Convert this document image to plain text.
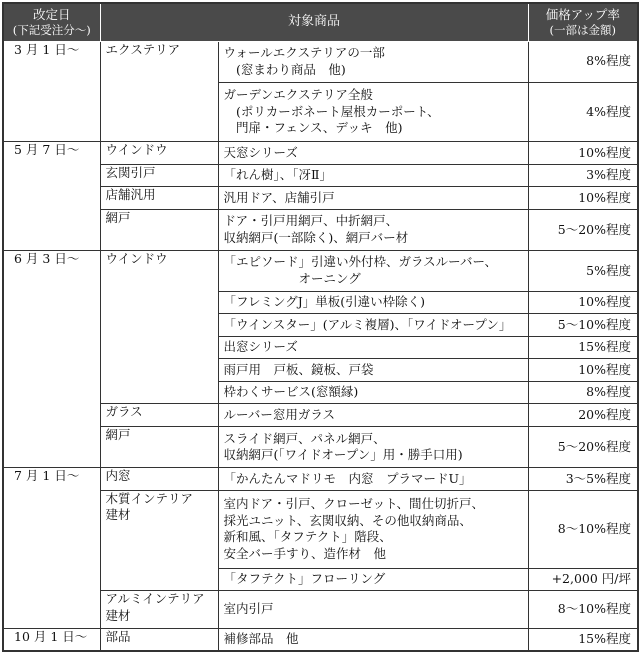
改定日
(下記受注分～)	対象商品		価格アップ率
(一部は金額)

3 月 1 日～	エクステリア	ウォールエクステリアの一部
　(窓まわり商品　他)	8%程度

		ガーデンエクステリア全般
　(ポリカーボネート屋根カーポート、
　門扉・フェンス、デッキ　他)	4%程度
5 月 7 日～	ウインドウ	天窓シリーズ	10%程度

	玄関引戸	「れん樹」、「冴Ⅱ」	3%程度

	店舗汎用	汎用ドア、店舗引戸	10%程度

	網戸	ドア・引戸用網戸、中折網戸、
収納網戸(一部除く)、網戸バー材	5～20%程度
6 月 3 日～	ウインドウ	「エピソード」引違い外付枠、ガラスルーバー、
　　　　　　オーニング	5%程度

		「フレミングJ」単板(引違い枠除く)	10%程度

		「ウインスター」(アルミ複層)、「ワイドオープン」	5～10%程度

		出窓シリーズ	15%程度

		雨戸用　戸板、鏡板、戸袋	10%程度

		枠わくサービス(窓額縁)	8%程度

	ガラス	ルーバー窓用ガラス	20%程度

	網戸	スライド網戸、パネル網戸、
収納網戸(「ワイドオープン」用・勝手口用)	5～20%程度
7 月 1 日～	内窓	「かんたんマドリモ　内窓　プラマードU」	3～5%程度

	木質インテリア
建材	室内ドア・引戸、クローゼット、間仕切折戸、
採光ユニット、玄関収納、その他収納商品、
新和風、「タフテクト」階段、
安全バー手すり、造作材　他	8～10%程度

		「タフテクト」フローリング	+2,000 円/坪

	アルミインテリア
建材	室内引戸	8～10%程度
10 月 1 日～	部品	補修部品　他	15%程度
